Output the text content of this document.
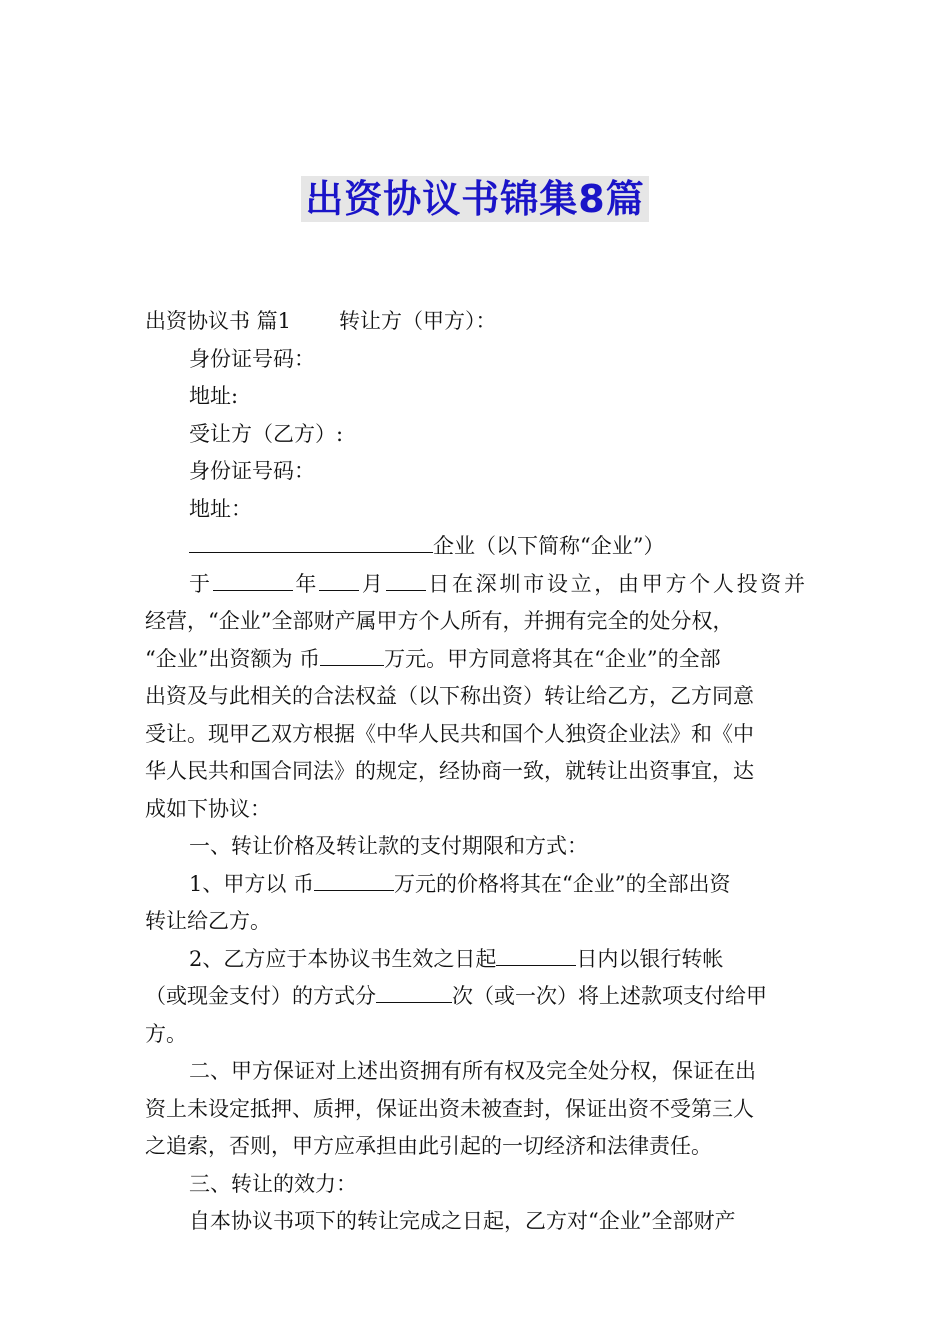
出资协议书锦集8篇
出资协议书 篇1 转让方（甲方）：
身份证号码：
地址:
受让方（乙方）:
身份证号码：
地址：
企业（以下简称“企业”）
于	年 月 日在深圳市设立，由甲方个人投资并
经营，“企业”全部财产属甲方个人所有，并拥有完全的处分权，
“企业”出资额为 币	万元。甲方同意将其在“企业”的全部
出资及与此相关的合法权益（以下称出资）转让给乙方，乙方同意
受让。现甲乙双方根据《中华人民共和国个人独资企业法》和《中
华人民共和国合同法》的规定，经协商一致，就转让出资事宜，达
成如下协议：
一、转让价格及转让款的支付期限和方式：
1、甲方以 币	万元的价格将其在“企业”的全部出资
转让给乙方。
2、乙方应于本协议书生效之日起	日内以银行转帐
（或现金支付）的方式分	次（或一次）将上述款项支付给甲
方。
二、甲方保证对上述出资拥有所有权及完全处分权，保证在出
资上未设定抵押、质押，保证出资未被查封，保证出资不受第三人
之追索，否则，甲方应承担由此引起的一切经济和法律责任。
三、转让的效力：
自本协议书项下的转让完成之日起，乙方对“企业”全部财产
